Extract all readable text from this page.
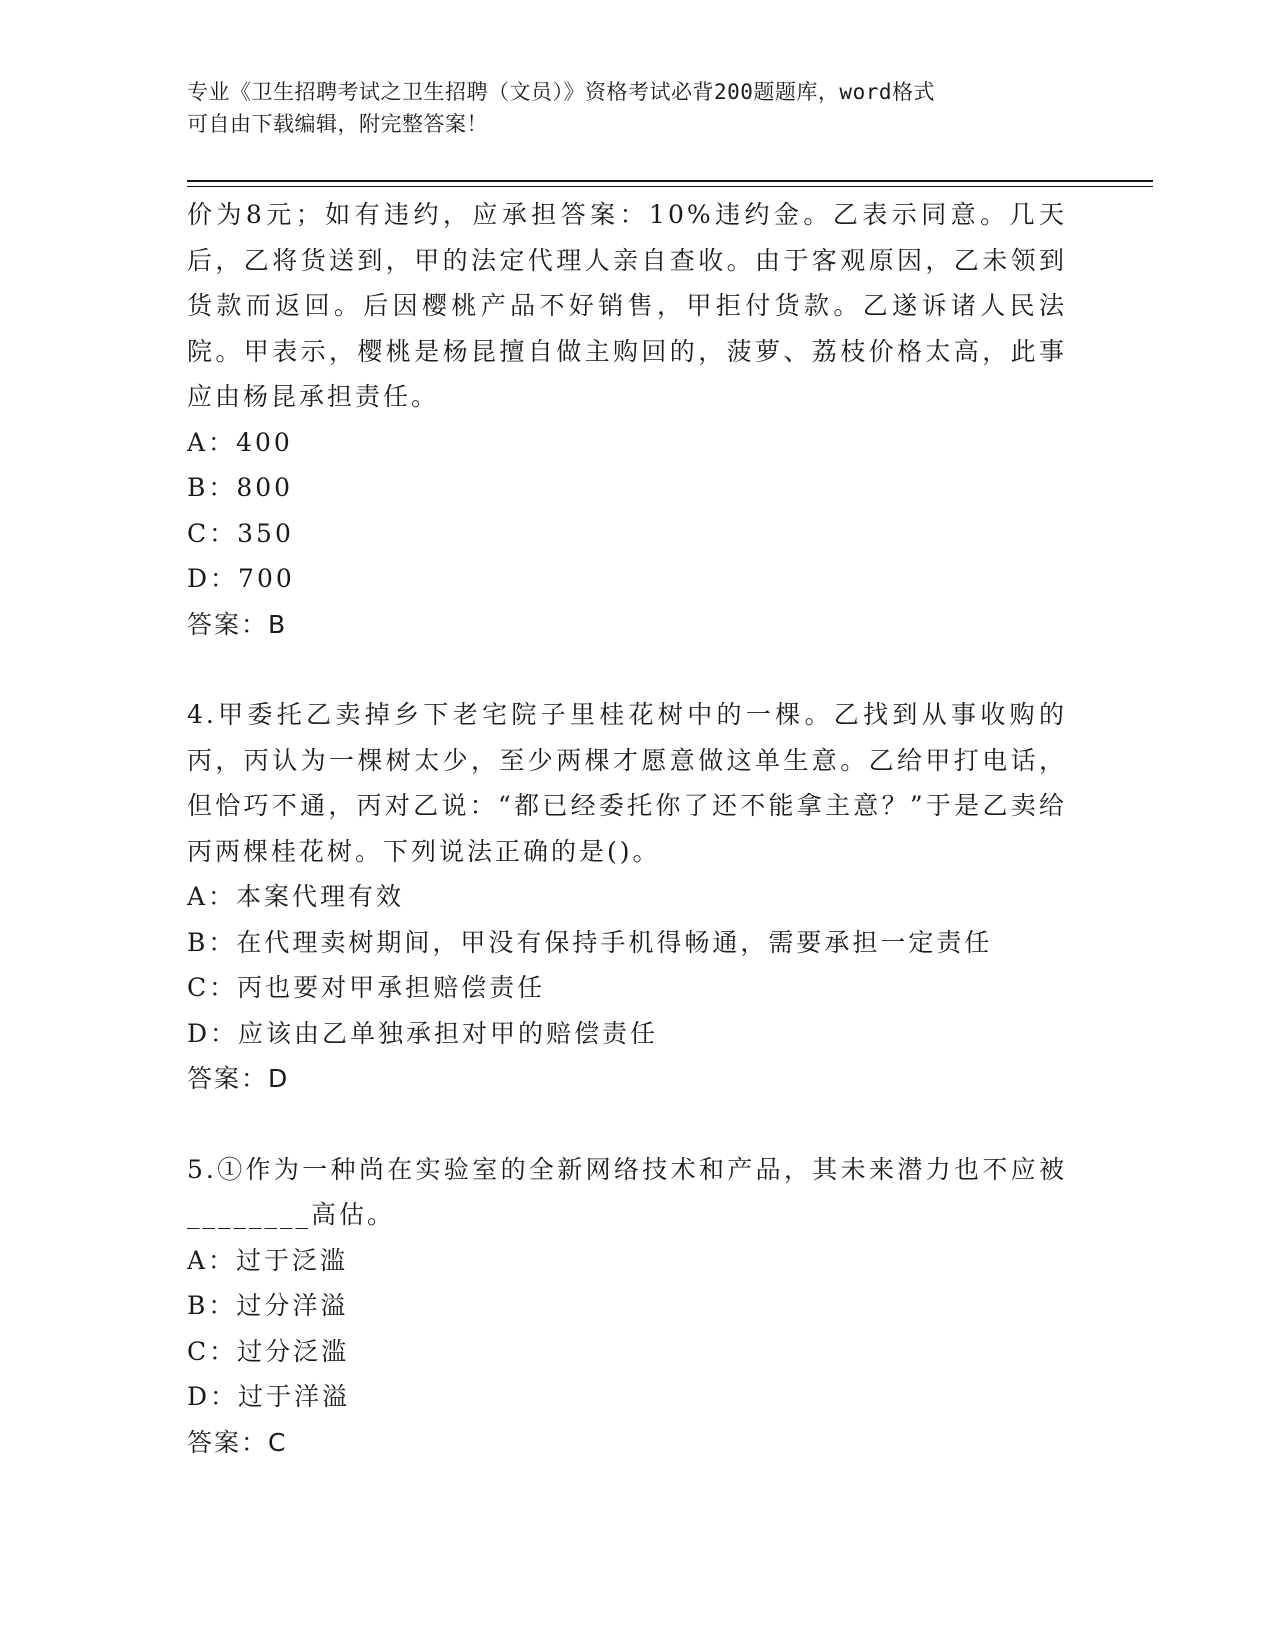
专业《卫生招聘考试之卫生招聘（文员）》资格考试必背200题题库，word格式
可自由下载编辑，附完整答案！
价为8元；如有违约，应承担答案：10%违约金。乙表示同意。几天后，乙将货送到，甲的法定代理人亲自查收。由于客观原因，乙未领到货款而返回。后因樱桃产品不好销售，甲拒付货款。乙遂诉诸人民法院。甲表示，樱桃是杨昆擅自做主购回的，菠萝、荔枝价格太高，此事应由杨昆承担责任。
A：400
B：800
C：350
D：700
答案：B
4.甲委托乙卖掉乡下老宅院子里桂花树中的一棵。乙找到从事收购的丙，丙认为一棵树太少，至少两棵才愿意做这单生意。乙给甲打电话，但恰巧不通，丙对乙说：“都已经委托你了还不能拿主意？”于是乙卖给丙两棵桂花树。下列说法正确的是()。
A：本案代理有效
B：在代理卖树期间，甲没有保持手机得畅通，需要承担一定责任
C：丙也要对甲承担赔偿责任
D：应该由乙单独承担对甲的赔偿责任
答案：D
5.①作为一种尚在实验室的全新网络技术和产品，其未来潜力也不应被________高估。
A：过于泛滥
B：过分洋溢
C：过分泛滥
D：过于洋溢
答案：C
